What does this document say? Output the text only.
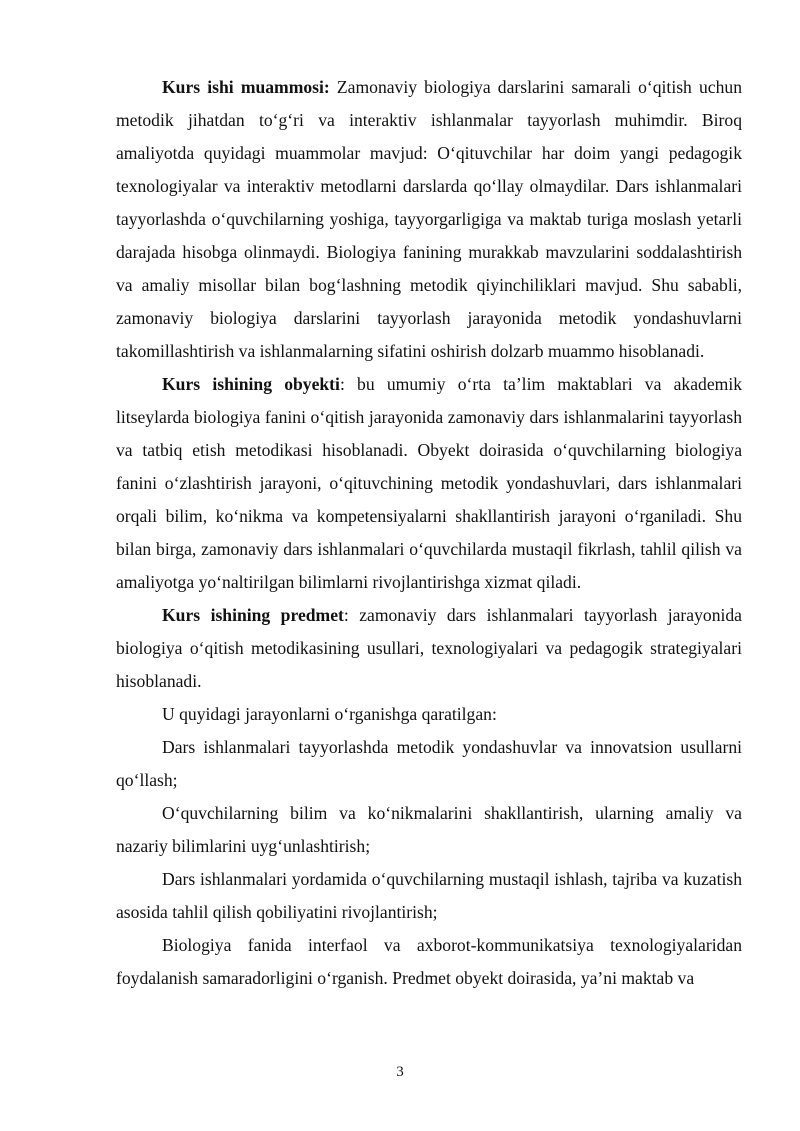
Kurs ishi muammosi: Zamonaviy biologiya darslarini samarali o‘qitish uchun metodik jihatdan to‘g‘ri va interaktiv ishlanmalar tayyorlash muhimdir. Biroq amaliyotda quyidagi muammolar mavjud: O‘qituvchilar har doim yangi pedagogik texnologiyalar va interaktiv metodlarni darslarda qo‘llay olmaydilar. Dars ishlanmalari tayyorlashda o‘quvchilarning yoshiga, tayyorgarligiga va maktab turiga moslash yetarli darajada hisobga olinmaydi. Biologiya fanining murakkab mavzularini soddalashtirish va amaliy misollar bilan bog‘lashning metodik qiyinchiliklari mavjud. Shu sababli, zamonaviy biologiya darslarini tayyorlash jarayonida metodik yondashuvlarni takomillashtirish va ishlanmalarning sifatini oshirish dolzarb muammo hisoblanadi.

Kurs ishining obyekti: bu umumiy o‘rta ta’lim maktablari va akademik litseylarda biologiya fanini o‘qitish jarayonida zamonaviy dars ishlanmalarini tayyorlash va tatbiq etish metodikasi hisoblanadi. Obyekt doirasida o‘quvchilarning biologiya fanini o‘zlashtirish jarayoni, o‘qituvchining metodik yondashuvlari, dars ishlanmalari orqali bilim, ko‘nikma va kompetensiyalarni shakllantirish jarayoni o‘rganiladi. Shu bilan birga, zamonaviy dars ishlanmalari o‘quvchilarda mustaqil fikrlash, tahlil qilish va amaliyotga yo‘naltirilgan bilimlarni rivojlantirishga xizmat qiladi.

Kurs ishining predmet: zamonaviy dars ishlanmalari tayyorlash jarayonida biologiya o‘qitish metodikasining usullari, texnologiyalari va pedagogik strategiyalari hisoblanadi.

U quyidagi jarayonlarni o‘rganishga qaratilgan:

Dars ishlanmalari tayyorlashda metodik yondashuvlar va innovatsion usullarni qo‘llash;

O‘quvchilarning bilim va ko‘nikmalarini shakllantirish, ularning amaliy va nazariy bilimlarini uyg‘unlashtirish;

Dars ishlanmalari yordamida o‘quvchilarning mustaqil ishlash, tajriba va kuzatish asosida tahlil qilish qobiliyatini rivojlantirish;

Biologiya fanida interfaol va axborot-kommunikatsiya texnologiyalaridan foydalanish samaradorligini o‘rganish. Predmet obyekt doirasida, ya’ni maktab va

3
